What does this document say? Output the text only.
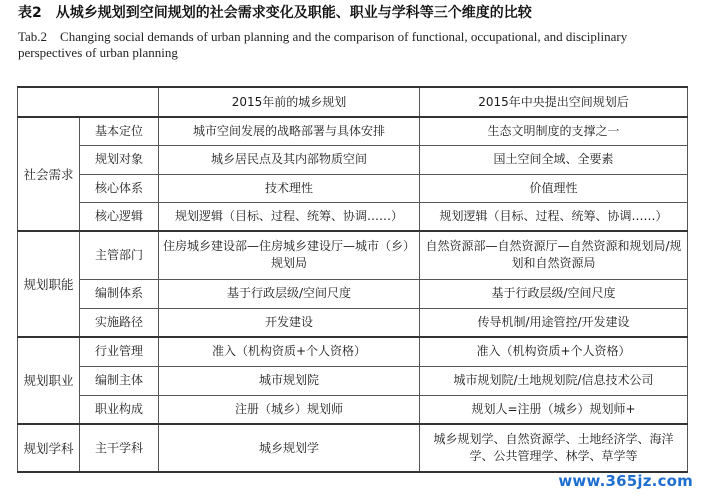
表2　从城乡规划到空间规划的社会需求变化及职能、职业与学科等三个维度的比较
Tab.2　Changing social demands of urban planning and the comparison of functional, occupational, and disciplinary perspectives of urban planning
		2015年前的城乡规划	2015年中央提出空间规划后
社会需求	基本定位	城市空间发展的战略部署与具体安排	生态文明制度的支撑之一
	规划对象	城乡居民点及其内部物质空间	国土空间全域、全要素
	核心体系	技术理性	价值理性
	核心逻辑	规划逻辑（目标、过程、统筹、协调……）	规划逻辑（目标、过程、统筹、协调……）
规划职能	主管部门	住房城乡建设部—住房城乡建设厅—城市（乡）规划局	自然资源部—自然资源厅—自然资源和规划局/规划和自然资源局
	编制体系	基于行政层级/空间尺度	基于行政层级/空间尺度
	实施路径	开发建设	传导机制/用途管控/开发建设
规划职业	行业管理	准入（机构资质+个人资格）	准入（机构资质+个人资格）
	编制主体	城市规划院	城市规划院/土地规划院/信息技术公司
	职业构成	注册（城乡）规划师	规划人=注册（城乡）规划师+
规划学科	主干学科	城乡规划学	城乡规划学、自然资源学、土地经济学、海洋学、公共管理学、林学、草学等
www.365jz.com
